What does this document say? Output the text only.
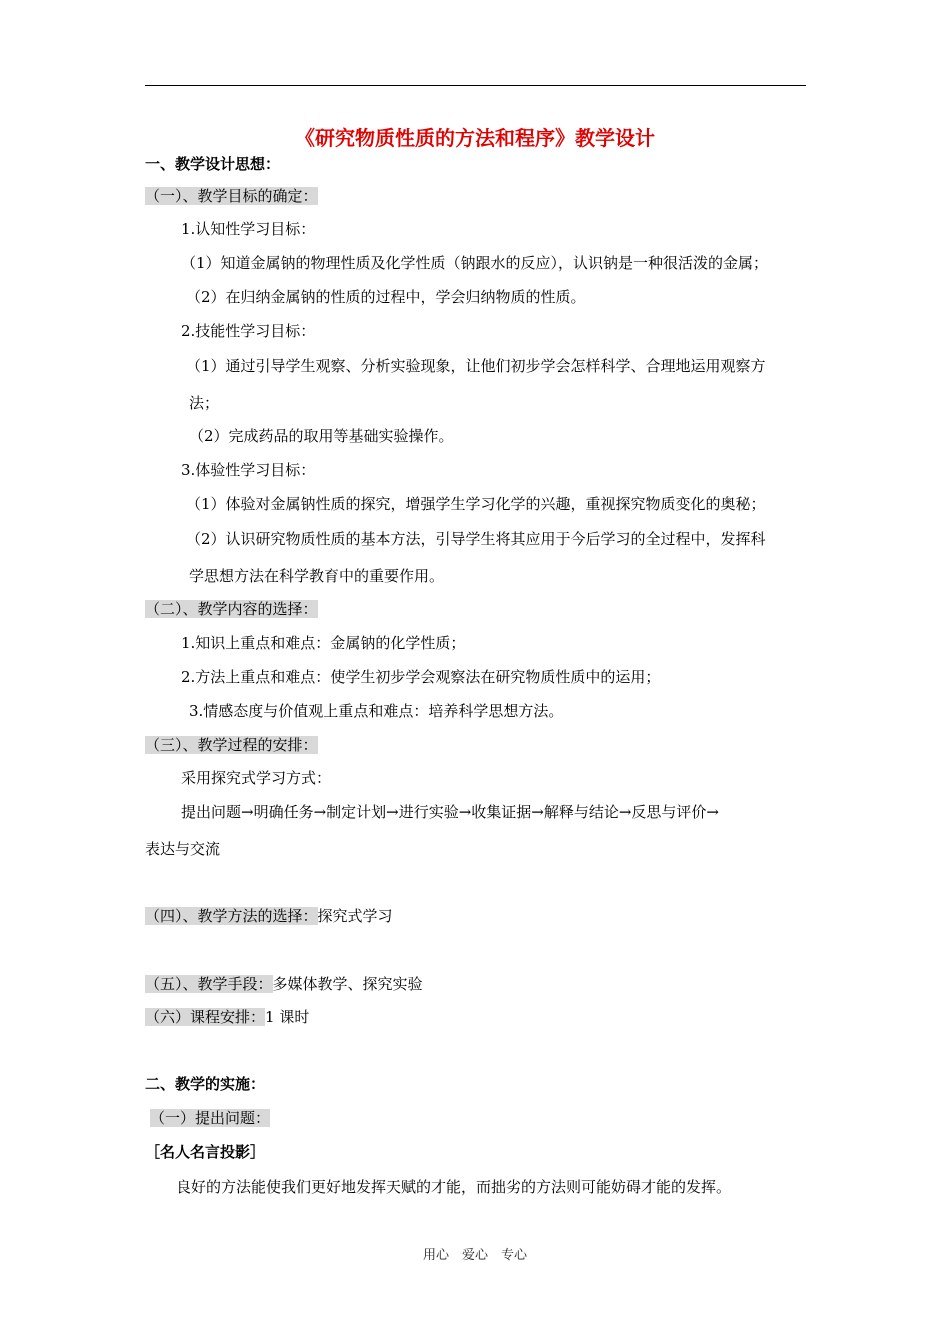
《研究物质性质的方法和程序》教学设计
一、教学设计思想：
（一）、教学目标的确定：
1.认知性学习目标：
（1）知道金属钠的物理性质及化学性质（钠跟水的反应），认识钠是一种很活泼的金属；
（2）在归纳金属钠的性质的过程中，学会归纳物质的性质。
2.技能性学习目标：
（1）通过引导学生观察、分析实验现象，让他们初步学会怎样科学、合理地运用观察方
法；
（2）完成药品的取用等基础实验操作。
3.体验性学习目标：
（1）体验对金属钠性质的探究，增强学生学习化学的兴趣，重视探究物质变化的奥秘；
（2）认识研究物质性质的基本方法，引导学生将其应用于今后学习的全过程中，发挥科
学思想方法在科学教育中的重要作用。
（二）、教学内容的选择：
1.知识上重点和难点：金属钠的化学性质；
2.方法上重点和难点：使学生初步学会观察法在研究物质性质中的运用；
3.情感态度与价值观上重点和难点：培养科学思想方法。
（三）、教学过程的安排：
采用探究式学习方式：
提出问题→明确任务→制定计划→进行实验→收集证据→解释与结论→反思与评价→
表达与交流
（四）、教学方法的选择：探究式学习
（五）、教学手段：多媒体教学、探究实验
（六）课程安排：1 课时
二、教学的实施：
（一）提出问题：
［名人名言投影］
良好的方法能使我们更好地发挥天赋的才能，而拙劣的方法则可能妨碍才能的发挥。
用心　爱心　专心
